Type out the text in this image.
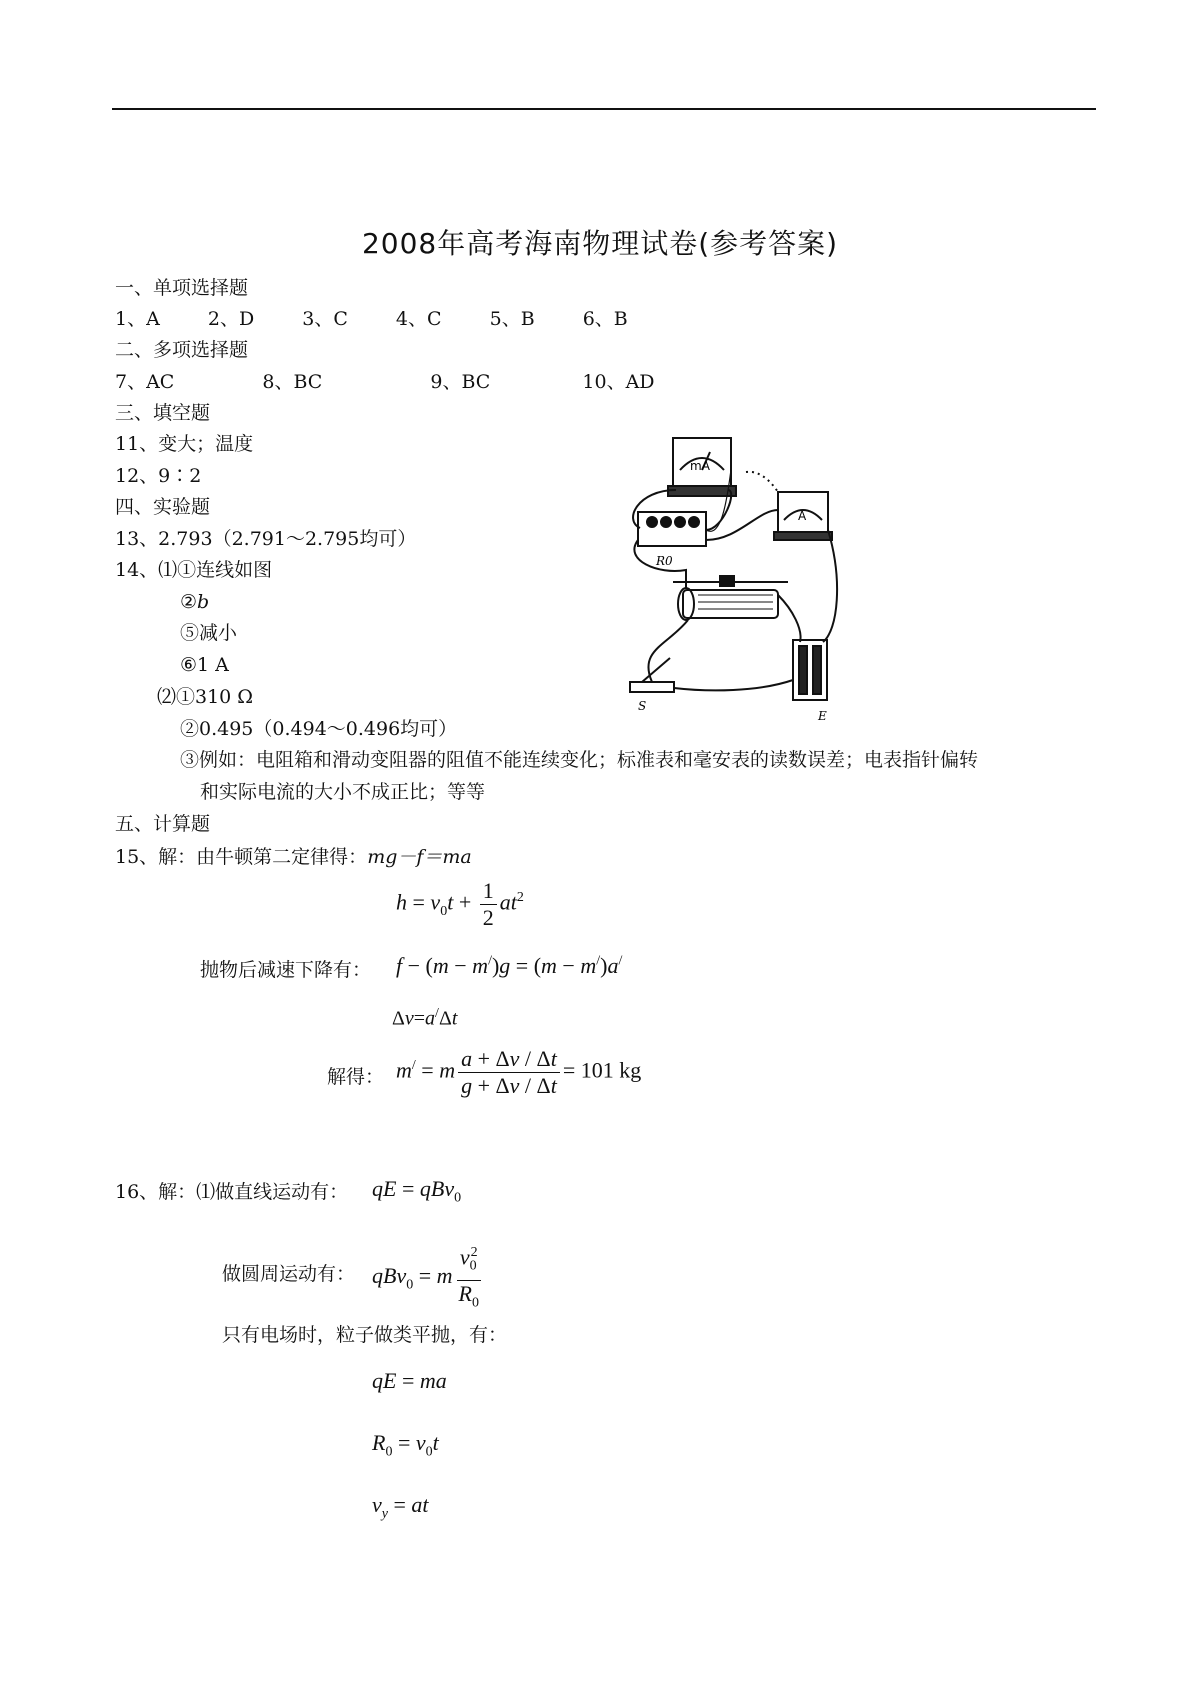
2008年高考海南物理试卷(参考答案)
一、单项选择题
1、A	2、D	3、C	4、C	5、B	6、B
二、多项选择题
7、AC	8、BC	9、BC	10、AD
三、填空题
11、变大；温度
12、9∶2
四、实验题
13、2.793（2.791～2.795均可）
14、⑴①连线如图
②b
⑤减小
⑥1 A
⑵①310 Ω
②0.495（0.494～0.496均可）
③例如：电阻箱和滑动变阻器的阻值不能连续变化；标准表和毫安表的读数误差；电表指针偏转
和实际电流的大小不成正比；等等
mA
A
R0
S
E
五、计算题
15、解：由牛顿第二定律得：mg－f＝ma
$h = v_0t + \frac{1}{2} at^2$
抛物后减速下降有： f − (m − m/)g = (m − m/)a/
Δv=a/Δt
解得： m/ = m $\frac{a + \Delta v / \Delta t}{g + \Delta v / \Delta t} = 101$ kg
16、解：⑴做直线运动有： qE = qBv$_0$
做圆周运动有： qBv$_0$ = m $\frac{v_0^2}{R_0}$
只有电场时，粒子做类平抛，有：
qE = ma
$R_0 = v_0t$
$v_y$ = at
